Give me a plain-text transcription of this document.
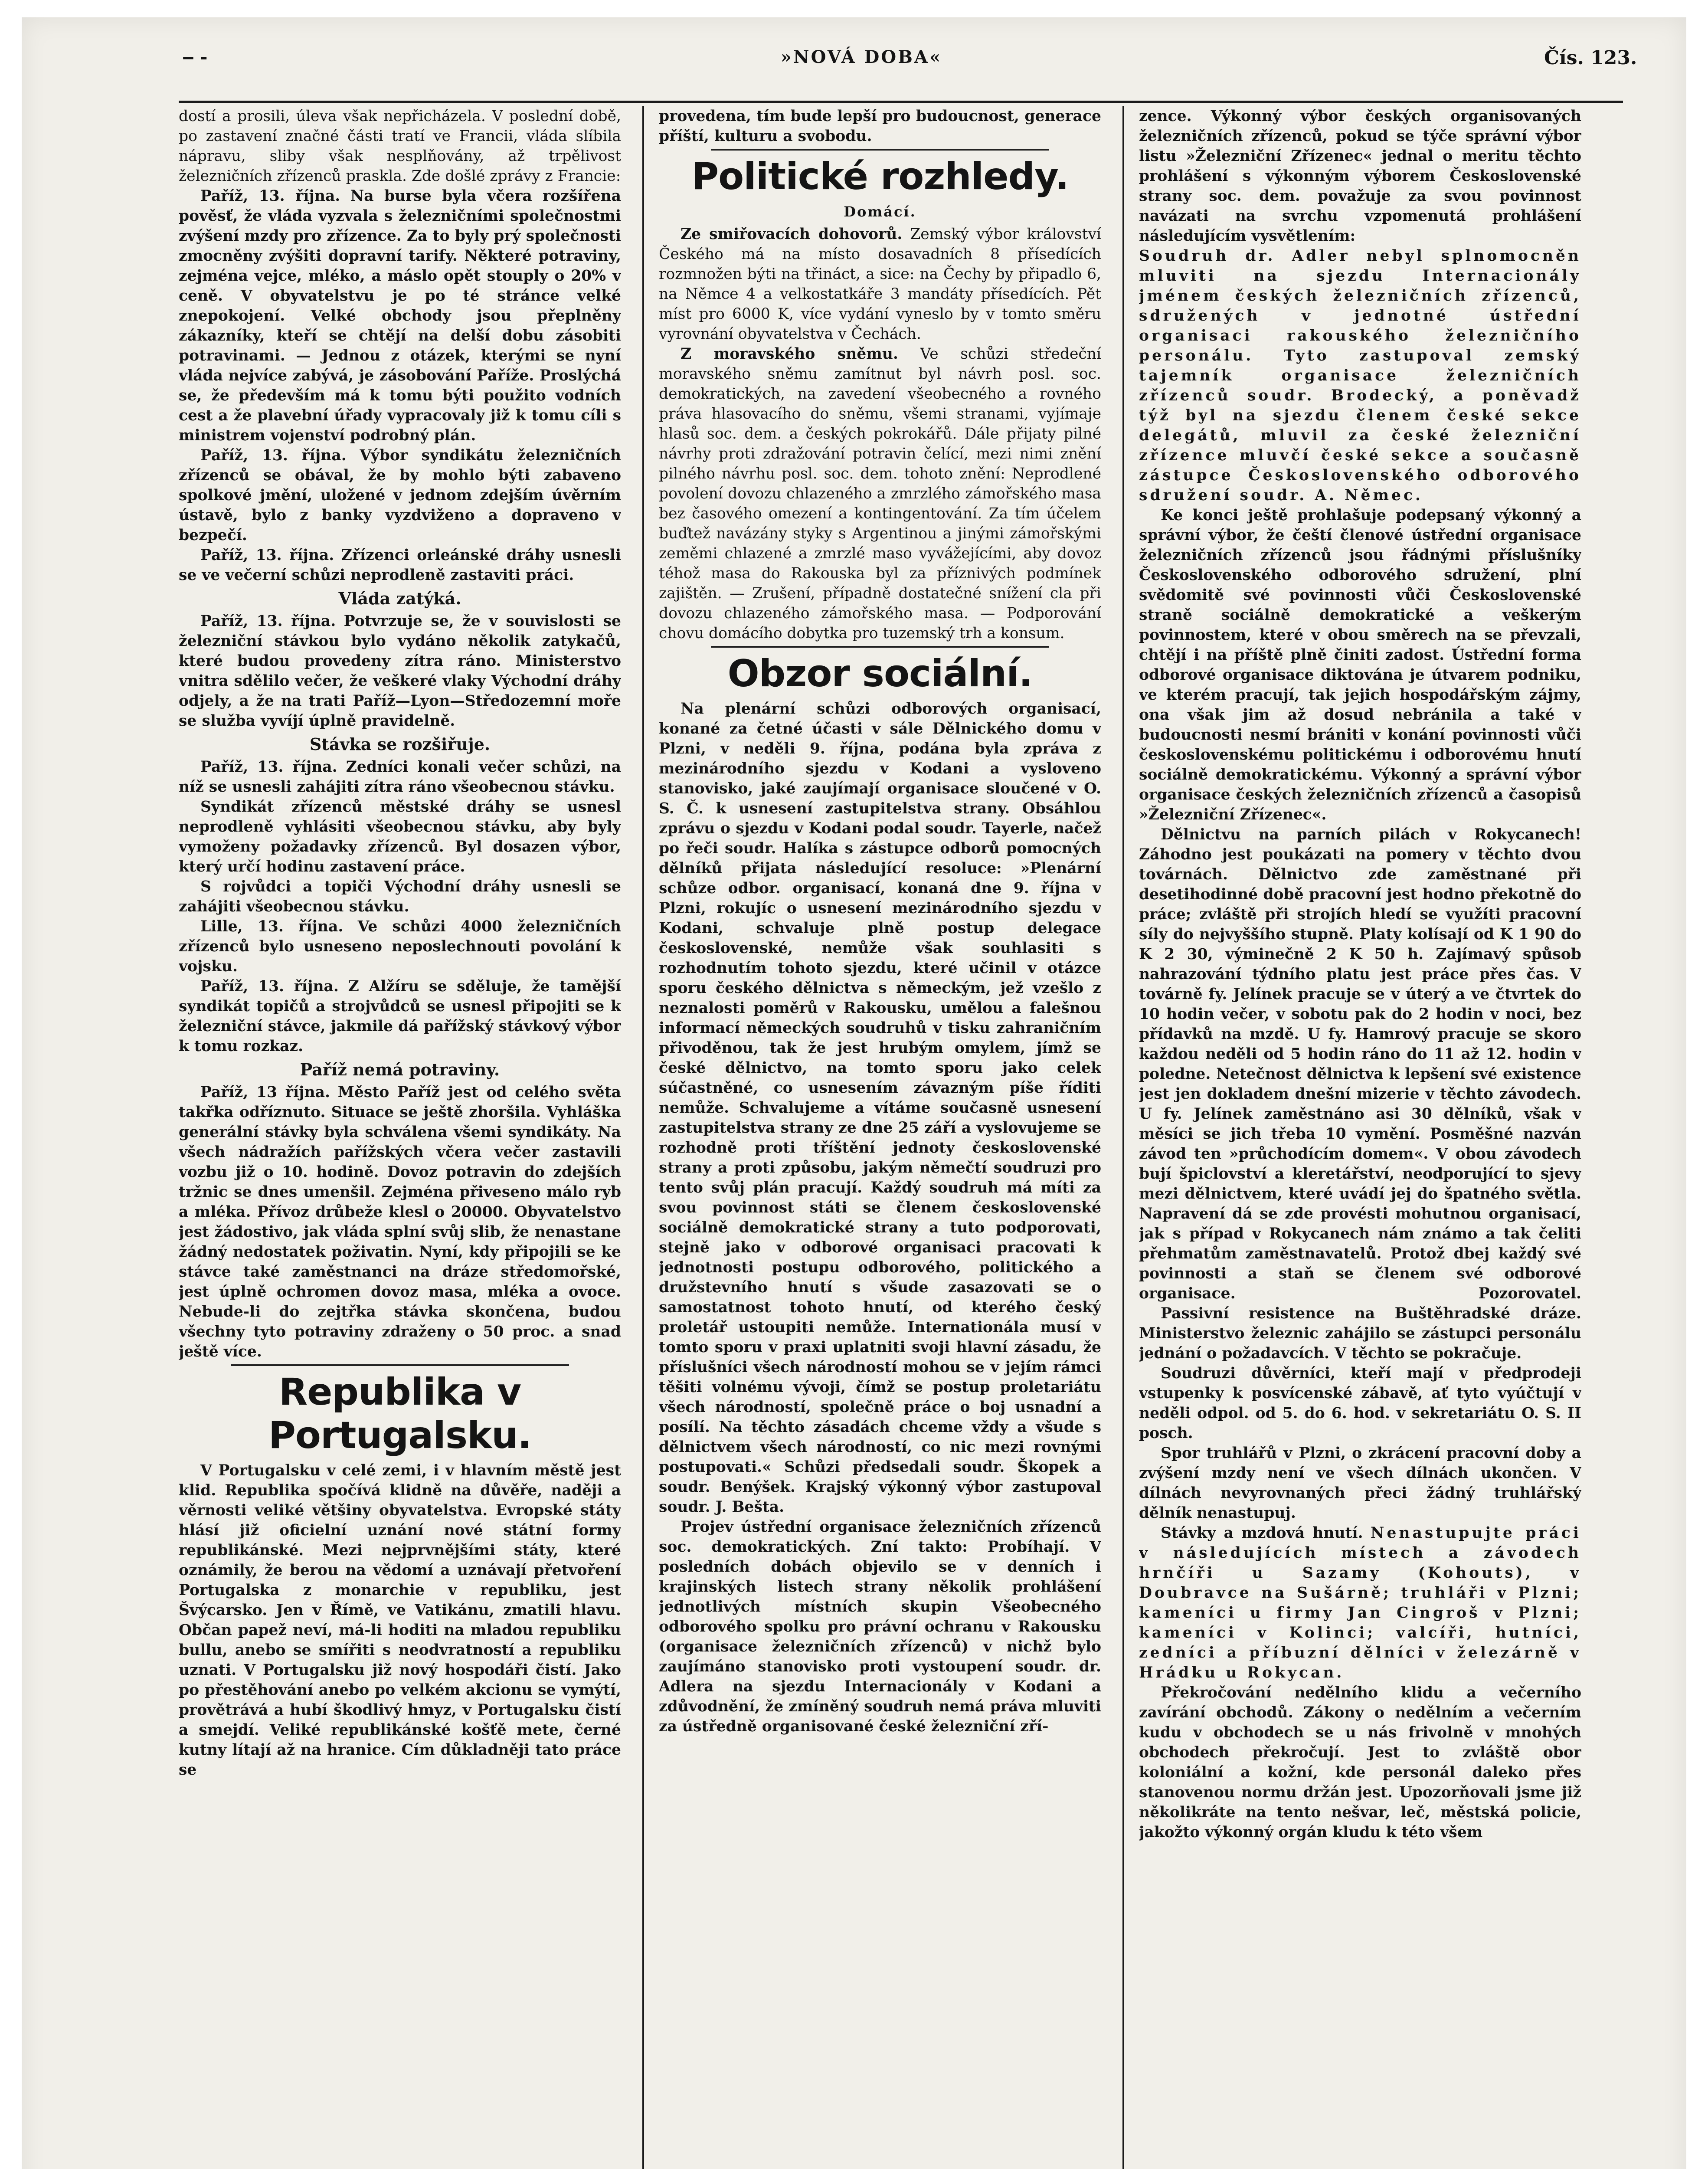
‒ ‑	»NOVÁ DOBA«	Čís. 123.

dostí a prosili, úleva však nepřicházela. V poslední době, po zastavení značné části tratí ve Francii, vláda slíbila nápravu, sliby však nesplňovány, až trpělivost železničních zřízenců praskla. Zde došlé zprávy z Francie:

Paříž, 13. října. Na burse byla včera rozšířena pověsť, že vláda vyzvala s železničními společnostmi zvýšení mzdy pro zřízence. Za to byly prý společnosti zmocněny zvýšiti dopravní tarify. Některé potraviny, zejména vejce, mléko, a máslo opět stouply o 20% v ceně. V obyvatelstvu je po té stránce velké znepokojení. Velké obchody jsou přeplněny zákazníky, kteří se chtějí na delší dobu zásobiti potravinami. — Jednou z otázek, kterými se nyní vláda nejvíce zabývá, je zásobování Paříže. Proslýchá se, že především má k tomu býti použito vodních cest a že plavební úřady vypracovaly již k tomu cíli s ministrem vojenství podrobný plán.

Paříž, 13. října. Výbor syndikátu železničních zřízenců se obával, že by mohlo býti zabaveno spolkové jmění, uložené v jednom zdejším úvěrním ústavě, bylo z banky vyzdviženo a dopraveno v bezpečí.

Paříž, 13. října. Zřízenci orleánské dráhy usnesli se ve večerní schůzi neprodleně zastaviti práci.

Vláda zatýká.

Paříž, 13. října. Potvrzuje se, že v souvislosti se železniční stávkou bylo vydáno několik zatykačů, které budou provedeny zítra ráno. Ministerstvo vnitra sdělilo večer, že veškeré vlaky Východní dráhy odjely, a že na trati Paříž—Lyon—Středozemní moře se služba vyvíjí úplně pravidelně.

Stávka se rozšiřuje.

Paříž, 13. října. Zedníci konali večer schůzi, na níž se usnesli zahájiti zítra ráno všeobecnou stávku.

Syndikát zřízenců městské dráhy se usnesl neprodleně vyhlásiti všeobecnou stávku, aby byly vymoženy požadavky zřízenců. Byl dosazen výbor, který určí hodinu zastavení práce.

S rojvůdci a topiči Východní dráhy usnesli se zahájiti všeobecnou stávku.

Lille, 13. října. Ve schůzi 4000 železničních zřízenců bylo usneseno neposlechnouti povolání k vojsku.

Paříž, 13. října. Z Alžíru se sděluje, že tamější syndikát topičů a strojvůdců se usnesl připojiti se k železniční stávce, jakmile dá pařížský stávkový výbor k tomu rozkaz.

Paříž nemá potraviny.

Paříž, 13 října. Město Paříž jest od celého světa takřka odříznuto. Situace se ještě zhoršila. Vyhláška generální stávky byla schválena všemi syndikáty. Na všech nádražích pařížských včera večer zastavili vozbu již o 10. hodině. Dovoz potravin do zdejších tržnic se dnes umenšil. Zejména přiveseno málo ryb a mléka. Přívoz drůbeže klesl o 20000. Obyvatelstvo jest žádostivo, jak vláda splní svůj slib, že nenastane žádný nedostatek poživatin. Nyní, kdy připojili se ke stávce také zaměstnanci na dráze středomořské, jest úplně ochromen dovoz masa, mléka a ovoce. Nebude-li do zejtřka stávka skončena, budou všechny tyto potraviny zdraženy o 50 proc. a snad ještě více.

Republika v Portugalsku.

V Portugalsku v celé zemi, i v hlavním městě jest klid. Republika spočívá klidně na důvěře, naději a věrnosti veliké většiny obyvatelstva. Evropské státy hlásí již oficielní uznání nové státní formy republikánské. Mezi nejprvnějšími státy, které oznámily, že berou na vědomí a uznávají přetvoření Portugalska z monarchie v republiku, jest Švýcarsko. Jen v Římě, ve Vatikánu, zmatili hlavu. Občan papež neví, má-li hoditi na mladou republiku bullu, anebo se smířiti s neodvratností a republiku uznati. V Portugalsku již nový hospodáři čistí. Jako po přestěhování anebo po velkém akcionu se vymýtí, provětrává a hubí škodlivý hmyz, v Portugalsku čistí a smejdí. Veliké republikánské košťě mete, černé kutny lítají až na hranice. Cím důkladněji tato práce se

provedena, tím bude lepší pro budoucnost, generace příští, kulturu a svobodu.

Politické rozhledy.
Domácí.

Ze smiřovacích dohovorů. Zemský výbor království Českého má na místo dosavadních 8 přísedících rozmnožen býti na třináct, a sice: na Čechy by připadlo 6, na Němce 4 a velkostatkáře 3 mandáty přísedících. Pět míst pro 6000 K, více vydání vyneslo by v tomto směru vyrovnání obyvatelstva v Čechách.

Z moravského sněmu. Ve schůzi středeční moravského sněmu zamítnut byl návrh posl. soc. demokratických, na zavedení všeobecného a rovného práva hlasovacího do sněmu, všemi stranami, vyjímaje hlasů soc. dem. a českých pokrokářů. Dále přijaty pilné návrhy proti zdražování potravin čelící, mezi nimi znění pilného návrhu posl. soc. dem. tohoto znění: Neprodlené povolení dovozu chlazeného a zmrzlého zámořského masa bez časového omezení a kontingentování. Za tím účelem buďtež navázány styky s Argentinou a jinými zámořskými zeměmi chlazené a zmrzlé maso vyvážejícími, aby dovoz téhož masa do Rakouska byl za příznivých podmínek zajištěn. — Zrušení, případně dostatečné snížení cla při dovozu chlazeného zámořského masa. — Podporování chovu domácího dobytka pro tuzemský trh a konsum.

Obzor sociální.

Na plenární schůzi odborových organisací, konané za četné účasti v sále Dělnického domu v Plzni, v neděli 9. října, podána byla zpráva z mezinárodního sjezdu v Kodani a vysloveno stanovisko, jaké zaujímají organisace sloučené v O. S. Č. k usnesení zastupitelstva strany. Obsáhlou zprávu o sjezdu v Kodani podal soudr. Tayerle, načež po řeči soudr. Halíka s zástupce odborů pomocných dělníků přijata následující resoluce: »Plenární schůze odbor. organisací, konaná dne 9. října v Plzni, rokujíc o usnesení mezinárodního sjezdu v Kodani, schvaluje plně postup delegace československé, nemůže však souhlasiti s rozhodnutím tohoto sjezdu, které učinil v otázce sporu českého dělnictva s německým, jež vzešlo z neznalosti poměrů v Rakousku, umělou a falešnou informací německých soudruhů v tisku zahraničním přivoděnou, tak že jest hrubým omylem, jímž se české dělnictvo, na tomto sporu jako celek súčastněné, co usnesením závazným píše říditi nemůže. Schvalujeme a vítáme současně usnesení zastupitelstva strany ze dne 25 září a vyslovujeme se rozhodně proti tříštění jednoty československé strany a proti způsobu, jakým němečtí soudruzi pro tento svůj plán pracují. Každý soudruh má míti za svou povinnost státi se členem československé sociálně demokratické strany a tuto podporovati, stejně jako v odborové organisaci pracovati k jednotnosti postupu odborového, politického a družstevního hnutí s všude zasazovati se o samostatnost tohoto hnutí, od kterého český proletář ustoupiti nemůže. Internationála musí v tomto sporu v praxi uplatniti svoji hlavní zásadu, že příslušníci všech národností mohou se v jejím rámci těšiti volnému vývoji, čímž se postup proletariátu všech národností, společně práce o boj usnadní a posílí. Na těchto zásadách chceme vždy a všude s dělnictvem všech národností, co nic mezi rovnými postupovati.« Schůzi předsedali soudr. Škopek a soudr. Benýšek. Krajský výkonný výbor zastupoval soudr. J. Bešta.

Projev ústřední organisace železničních zřízenců soc. demokratických. Zní takto: Probíhají. V posledních dobách objevilo se v denních i krajinských listech strany několik prohlášení jednotlivých místních skupin Všeobecného odborového spolku pro právní ochranu v Rakousku (organisace železničních zřízenců) v nichž bylo zaujímáno stanovisko proti vystoupení soudr. dr. Adlera na sjezdu Internacionály v Kodani a zdůvodnění, že zmíněný soudruh nemá práva mluviti za ústředně organisované české železniční zří-

zence. Výkonný výbor českých organisovaných železničních zřízenců, pokud se týče správní výbor listu »Železniční Zřízenec« jednal o meritu těchto prohlášení s výkonným výborem Československé strany soc. dem. považuje za svou povinnost navázati na svrchu vzpomenutá prohlášení následujícím vysvětlením:

Soudruh dr. Adler nebyl splnomocněn mluviti na sjezdu Internacionály jménem českých železničních zřízenců, sdružených v jednotné ústřední organisaci rakouského železničního personálu. Tyto zastupoval zemský tajemník organisace železničních zřízenců soudr. Brodecký, a poněvadž týž byl na sjezdu členem české sekce delegátů, mluvil za české železniční zřízence mluvčí české sekce a současně zástupce Československého odborového sdružení soudr. A. Němec.

Ke konci ještě prohlašuje podepsaný výkonný a správní výbor, že čeští členové ústřední organisace železničních zřízenců jsou řádnými příslušníky Československého odborového sdružení, plní svědomitě své povinnosti vůči Československé straně sociálně demokratické a veškerým povinnostem, které v obou směrech na se převzali, chtějí i na příště plně činiti zadost. Ústřední forma odborové organisace diktována je útvarem podniku, ve kterém pracují, tak jejich hospodářským zájmy, ona však jim až dosud nebránila a také v budoucnosti nesmí brániti v konání povinnosti vůči československému politickému i odborovému hnutí sociálně demokratickému. Výkonný a správní výbor organisace českých železničních zřízenců a časopisů »Železniční Zřízenec«.

Dělnictvu na parních pilách v Rokycanech! Záhodno jest poukázati na pomery v těchto dvou továrnách. Dělnictvo zde zaměstnané při desetihodinné době pracovní jest hodno překotně do práce; zvláště při strojích hledí se využíti pracovní síly do nejvyššího stupně. Platy kolísají od K 1 90 do K 2 30, výminečně 2 K 50 h. Zajímavý spůsob nahrazování týdního platu jest práce přes čas. V továrně fy. Jelínek pracuje se v úterý a ve čtvrtek do 10 hodin večer, v sobotu pak do 2 hodin v noci, bez přídavků na mzdě. U fy. Hamrový pracuje se skoro každou neděli od 5 hodin ráno do 11 až 12. hodin v poledne. Netečnost dělnictva k lepšení své existence jest jen dokladem dnešní mizerie v těchto závodech. U fy. Jelínek zaměstnáno asi 30 dělníků, však v měsíci se jich třeba 10 vymění. Posměšné nazván závod ten »průchodícím domem«. V obou závodech bují špiclovství a kleretářství, neodporující to sjevy mezi dělnictvem, které uvádí jej do špatného světla. Napravení dá se zde provésti mohutnou organisací, jak s případ v Rokycanech nám známo a tak čeliti přehmatům zaměstnavatelů. Protož dbej každý své povinnosti a staň se členem své odborové organisace.	Pozorovatel.

Passivní resistence na Buštěhradské dráze. Ministerstvo železnic zahájilo se zástupci personálu jednání o požadavcích. V těchto se pokračuje.

Soudruzi důvěrníci, kteří mají v předprodeji vstupenky k posvícenské zábavě, ať tyto vyúčtují v neděli odpol. od 5. do 6. hod. v sekretariátu O. S. II posch.

Spor truhlářů v Plzni, o zkrácení pracovní doby a zvýšení mzdy není ve všech dílnách ukončen. V dílnách nevyrovnaných přeci žádný truhlářský dělník nenastupuj.

Stávky a mzdová hnutí. Nenastupujte práci v následujících místech a závodech hrnčíři u Sazamy (Kohouts), v Doubravce na Sušárně; truhláři v Plzni; kameníci u firmy Jan Cingroš v Plzni; kameníci v Kolinci; valcíři, hutníci, zedníci a příbuzní dělníci v železárně v Hrádku u Rokycan.

Překročování nedělního klidu a večerního zavírání obchodů. Zákony o nedělním a večerním kudu v obchodech se u nás frivolně v mnohých obchodech překročují. Jest to zvláště obor koloniální a kožní, kde personál daleko přes stanovenou normu držán jest. Upozorňovali jsme již několikráte na tento nešvar, leč, městská policie, jakožto výkonný orgán kludu k této všem
